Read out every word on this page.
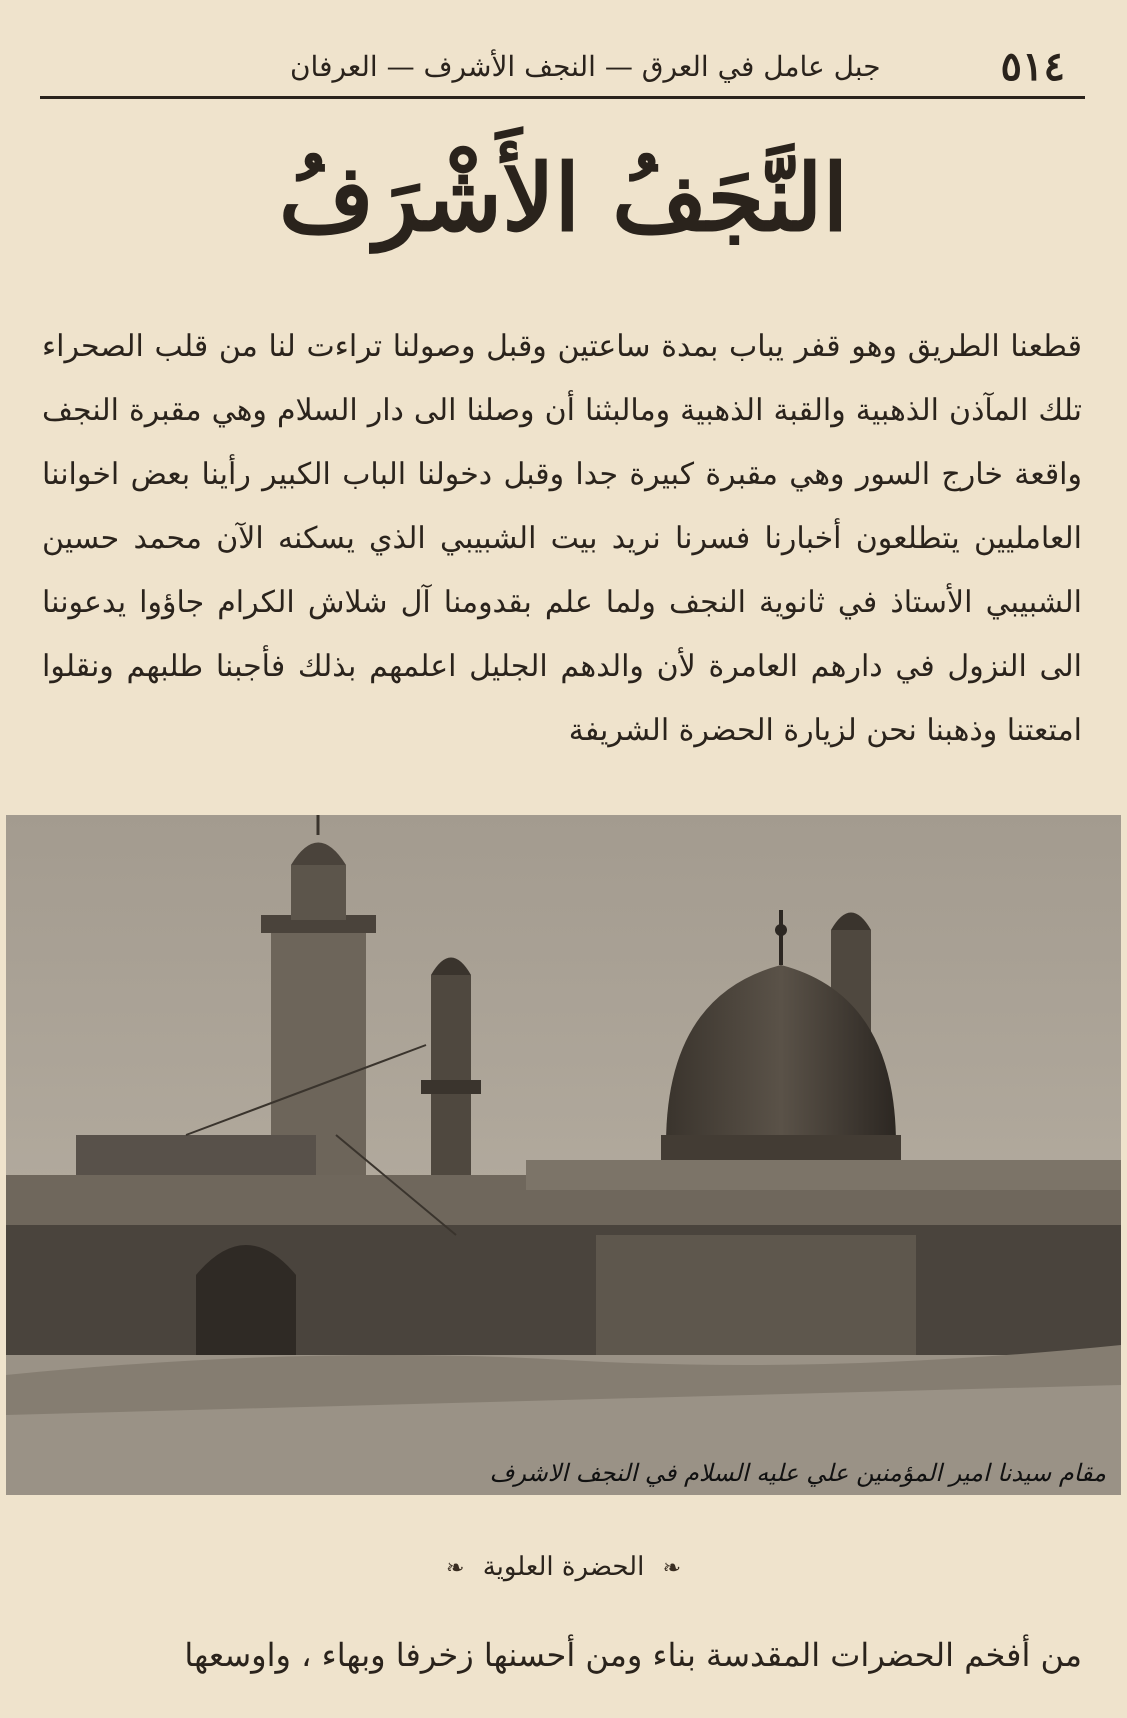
٥١٤
جبل عامل في العرق — النجف الأشرف — العرفان
النَّجَفُ الأَشْرَفُ

قطعنا الطريق وهو قفر يباب بمدة ساعتين وقبل وصولنا تراءت لنا من قلب الصحراء تلك المآذن الذهبية والقبة الذهبية ومالبثنا أن وصلنا الى دار السلام وهي مقبرة النجف واقعة خارج السور وهي مقبرة كبيرة جدا وقبل دخولنا الباب الكبير رأينا بعض اخواننا العامليين يتطلعون أخبارنا فسرنا نريد بيت الشبيبي الذي يسكنه الآن محمد حسين الشبيبي الأستاذ في ثانوية النجف ولما علم بقدومنا آل شلاش الكرام جاؤوا يدعوننا الى النزول في دارهم العامرة لأن والدهم الجليل اعلمهم بذلك فأجبنا طلبهم ونقلوا امتعتنا وذهبنا نحن لزيارة الحضرة الشريفة

مقام سيدنا امير المؤمنين علي عليه السلام في النجف الاشرف
❧ الحضرة العلوية ❧
من أفخم الحضرات المقدسة بناء ومن أحسنها زخرفا وبهاء ، واوسعها
